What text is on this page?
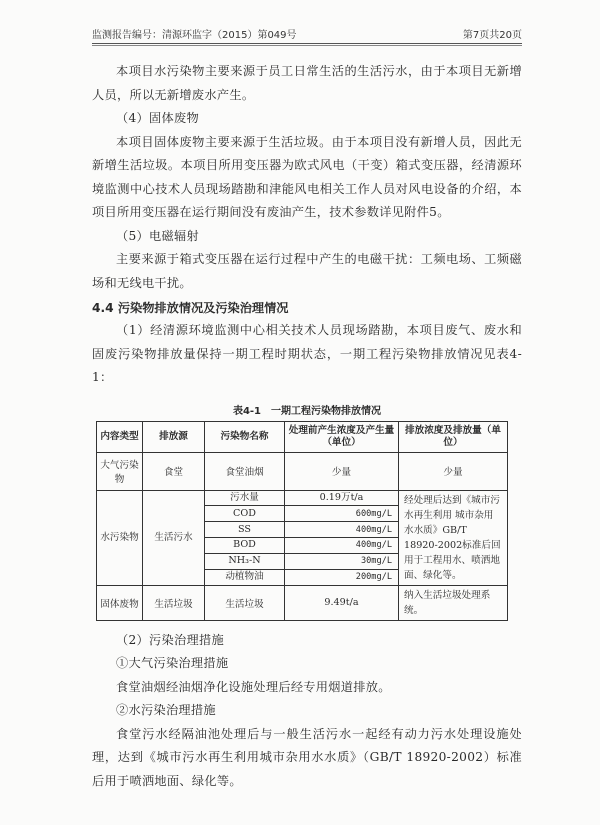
监测报告编号：清源环监字（2015）第049号	第7页共20页

本项目水污染物主要来源于员工日常生活的生活污水，由于本项目无新增人员，所以无新增废水产生。

（4）固体废物

本项目固体废物主要来源于生活垃圾。由于本项目没有新增人员，因此无新增生活垃圾。本项目所用变压器为欧式风电（干变）箱式变压器，经清源环境监测中心技术人员现场踏勘和津能风电相关工作人员对风电设备的介绍，本项目所用变压器在运行期间没有废油产生，技术参数详见附件5。

（5）电磁辐射

主要来源于箱式变压器在运行过程中产生的电磁干扰：工频电场、工频磁场和无线电干扰。

4.4 污染物排放情况及污染治理情况

（1）经清源环境监测中心相关技术人员现场踏勘，本项目废气、废水和固废污染物排放量保持一期工程时期状态，一期工程污染物排放情况见表4-1：

表4-1　一期工程污染物排放情况
内容类型	排放源	污染物名称	处理前产生浓度及产生量（单位）	排放浓度及排放量（单位）
大气污染物	食堂	食堂油烟	少量	少量
水污染物	生活污水	污水量	0.19万t/a	经处理后达到《城市污水再生利用 城市杂用水水质》GB/T 18920-2002标准后回用于工程用水、喷洒地面、绿化等。
		COD	600mg/L	
		SS	400mg/L	
		BOD	400mg/L	
		NH₃-N	30mg/L	
		动植物油	200mg/L	
固体废物	生活垃圾	生活垃圾	9.49t/a	纳入生活垃圾处理系统。

（2）污染治理措施

①大气污染治理措施

食堂油烟经油烟净化设施处理后经专用烟道排放。

②水污染治理措施

食堂污水经隔油池处理后与一般生活污水一起经有动力污水处理设施处理，达到《城市污水再生利用城市杂用水水质》（GB/T 18920-2002）标准后用于喷洒地面、绿化等。
